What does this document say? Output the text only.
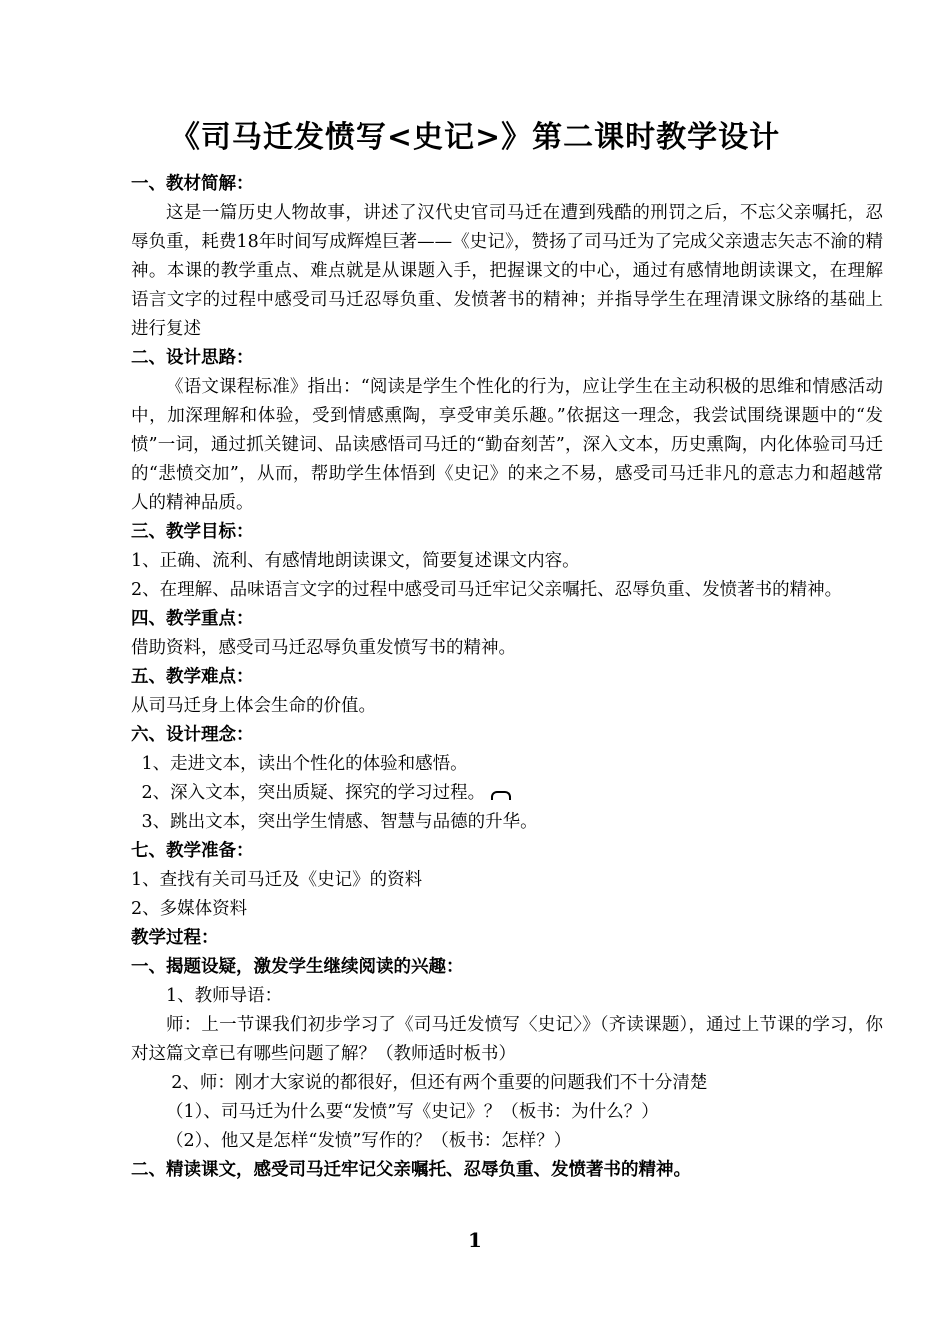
《司马迁发愤写<史记>》第二课时教学设计

一、教材简解：

这是一篇历史人物故事，讲述了汉代史官司马迁在遭到残酷的刑罚之后，不忘父亲嘱托，忍辱负重，耗费18年时间写成辉煌巨著——《史记》，赞扬了司马迁为了完成父亲遗志矢志不渝的精神。本课的教学重点、难点就是从课题入手，把握课文的中心，通过有感情地朗读课文，在理解语言文字的过程中感受司马迁忍辱负重、发愤著书的精神；并指导学生在理清课文脉络的基础上进行复述

二、设计思路：

《语文课程标准》指出：“阅读是学生个性化的行为，应让学生在主动积极的思维和情感活动中，加深理解和体验，受到情感熏陶，享受审美乐趣。”依据这一理念，我尝试围绕课题中的“发愤”一词，通过抓关键词、品读感悟司马迁的“勤奋刻苦”，深入文本，历史熏陶，内化体验司马迁的“悲愤交加”，从而，帮助学生体悟到《史记》的来之不易，感受司马迁非凡的意志力和超越常人的精神品质。

三、教学目标：

1、正确、流利、有感情地朗读课文，简要复述课文内容。

2、在理解、品味语言文字的过程中感受司马迁牢记父亲嘱托、忍辱负重、发愤著书的精神。

四、教学重点：

借助资料，感受司马迁忍辱负重发愤写书的精神。

五、教学难点：

从司马迁身上体会生命的价值。

六、设计理念：

1、走进文本，读出个性化的体验和感悟。

2、深入文本，突出质疑、探究的学习过程。

3、跳出文本，突出学生情感、智慧与品德的升华。

七、教学准备：

1、查找有关司马迁及《史记》的资料

2、多媒体资料

教学过程：

一、揭题设疑，激发学生继续阅读的兴趣：

1、教师导语：

师：上一节课我们初步学习了《司马迁发愤写〈史记〉》（齐读课题），通过上节课的学习，你对这篇文章已有哪些问题了解？（教师适时板书）

2、师：刚才大家说的都很好，但还有两个重要的问题我们不十分清楚

（1）、司马迁为什么要“发愤”写《史记》？（板书：为什么？）

（2）、他又是怎样“发愤”写作的？（板书：怎样？）

二、精读课文，感受司马迁牢记父亲嘱托、忍辱负重、发愤著书的精神。

1
